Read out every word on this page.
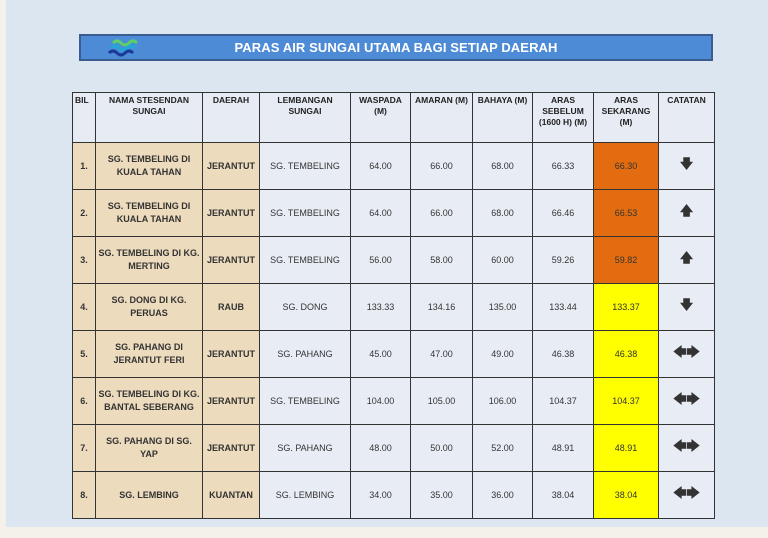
PARAS AIR SUNGAI UTAMA BAGI SETIAP DAERAH
BIL	NAMA STESENDAN SUNGAI	DAERAH	LEMBANGAN SUNGAI	WASPADA (M)	AMARAN (M)	BAHAYA (M)	ARAS SEBELUM (1600 H) (M)	ARAS SEKARANG (M)	CATATAN
1.	SG. TEMBELING DI KUALA TAHAN	JERANTUT	SG. TEMBELING	64.00	66.00	68.00	66.33	66.30	🡇
2.	SG. TEMBELING DI KUALA TAHAN	JERANTUT	SG. TEMBELING	64.00	66.00	68.00	66.46	66.53	🡅
3.	SG. TEMBELING DI KG. MERTING	JERANTUT	SG. TEMBELING	56.00	58.00	60.00	59.26	59.82	🡅
4.	SG. DONG DI KG. PERUAS	RAUB	SG. DONG	133.33	134.16	135.00	133.44	133.37	🡇
5.	SG. PAHANG DI JERANTUT FERI	JERANTUT	SG. PAHANG	45.00	47.00	49.00	46.38	46.38	🡄🡆
6.	SG. TEMBELING DI KG. BANTAL SEBERANG	JERANTUT	SG. TEMBELING	104.00	105.00	106.00	104.37	104.37	🡄🡆
7.	SG. PAHANG DI SG. YAP	JERANTUT	SG. PAHANG	48.00	50.00	52.00	48.91	48.91	🡄🡆
8.	SG. LEMBING	KUANTAN	SG. LEMBING	34.00	35.00	36.00	38.04	38.04	🡄🡆
